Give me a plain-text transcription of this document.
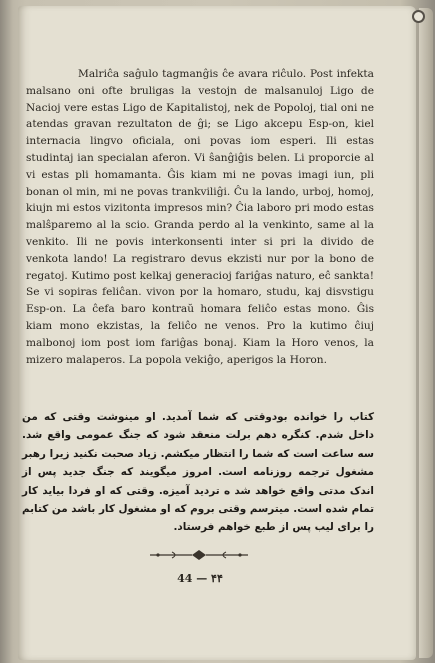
Malriĉa saĝulo tagmanĝis ĉe avara riĉulo. Post infekta malsano oni ofte bruligas la vestojn de malsanuloj Ligo de Nacioj vere estas Ligo de Kapitalistoj, nek de Popoloj, tial oni ne atendas gravan rezultaton de ĝi; se Ligo akcepu Esp-on, kiel internacia lingvo oficiala, oni povas iom esperi. Ili estas studintaj ian specialan aferon. Vi ŝanĝiĝis belen. Li proporcie al vi estas pli homamanta. Ĝis kiam mi ne povas imagi iun, pli bonan ol min, mi ne povas trankviliĝi. Ĉu la lando, urboj, homoj, kiujn mi estos vizitonta impresos min? Ĉia laboro pri modo estas malŝparemo al la scio. Granda perdo al la venkinto, same al la venkito. Ili ne povis interkonsenti inter si pri la divido de venkota lando! La registraro devus ekzisti nur por la bono de regatoj. Kutimo post kelkaj generacioj fariĝas naturo, eĉ sankta! Se vi sopiras feliĉan. vivon por la homaro, studu, kaj disvstigu Esp-on. La ĉefa baro kontraŭ homara feliĉo estas mono. Ĝis kiam mono ekzistas, la feliĉo ne venos. Pro la kutimo ĉiuj malbonoj iom post iom fariĝas bonaj. Kiam la Horo venos, la mizero malaperos. La popola vekiĝo, aperigos la Horon.

کتاب را خوانده بودوقتی که شما آمدید. او مینوشت وقتی که من داخل شدم. کنگره دهم برلت منعقد شود که جنگ عمومی واقع شد. سه ساعت است که شما را انتظار میکشم. زیاد صحبت نکنید زیرا رهبر مشغول ترجمه روزنامه است. امروز میگویند که جنگ جدید پس از اندک مدتی واقع خواهد شد ه ترديد آميزه. وقتی که او فردا بیاید کار تمام شده است. میترسم وقتی بروم که او مشغول کار باشد من کتابم را برای لیب پس از طبع خواهم فرستاد.

44 — ۴۴
